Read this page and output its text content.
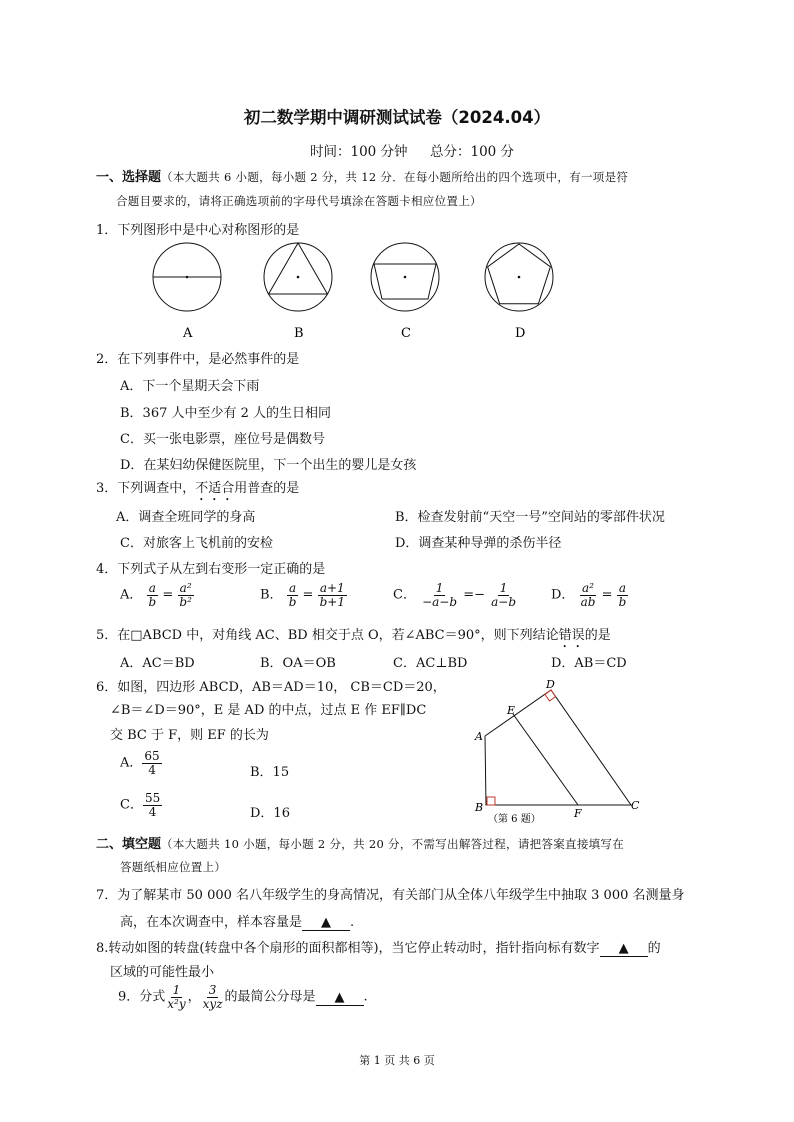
初二数学期中调研测试试卷（2024.04）
时间：100 分钟 总分：100 分
一、选择题（本大题共 6 小题，每小题 2 分，共 12 分．在每小题所给出的四个选项中，有一项是符
合题目要求的，请将正确选项前的字母代号填涂在答题卡相应位置上）
1．下列图形中是中心对称图形的是
A	B	C	D
2．在下列事件中，是必然事件的是
A．下一个星期天会下雨
B．367 人中至少有 2 人的生日相同
C．买一张电影票，座位号是偶数号
D．在某妇幼保健医院里，下一个出生的婴儿是女孩
3．下列调查中，不适合用普查的是
A．调查全班同学的身高	B．检查发射前“天空一号”空间站的零部件状况
C．对旅客上飞机前的安检	D．调查某种导弹的杀伤半径
4．下列式子从左到右变形一定正确的是
A． $\frac{a}{b} = \frac{\text{a²}}{\text{b²}}$	B． $\frac{a}{b} = \frac{a+1}{b+1}$	C． $\frac{1}{-a-b} =- \frac{1}{a-b}$	D． $\frac{\text{a²}}{ab} = \frac{a}{b}$
5．在□ABCD 中，对角线 AC、BD 相交于点 O，若∠ABC＝90°，则下列结论错误的是
A．AC＝BD	B．OA＝OB	C．AC⊥BD	D．AB＝CD
6．如图，四边形 ABCD，AB＝AD＝10， CB＝CD＝20，
∠B＝∠D＝90°，E 是 AD 的中点，过点 E 作 EF∥DC
交 BC 于 F，则 EF 的长为
A． $\frac{65}{4}$	B．15
C． $\frac{55}{4}$	D．16
A
B	C
D
E
F
（第 6 题）
二、填空题（本大题共 10 小题，每小题 2 分，共 20 分，不需写出解答过程，请把答案直接填写在
答题纸相应位置上）
7．为了解某市 50 000 名八年级学生的身高情况，有关部门从全体八年级学生中抽取 3 000 名测量身
高，在本次调查中，样本容量是 ▲ .
8.转动如图的转盘(转盘中各个扇形的面积都相等)，当它停止转动时，指针指向标有数字 ▲ 的
区域的可能性最小
9．分式 $\frac{1}{\text{x²y}}$ ， $\frac{3}{\text{xyz}}$ 的最简公分母是 ▲ .
第 1 页 共 6 页
